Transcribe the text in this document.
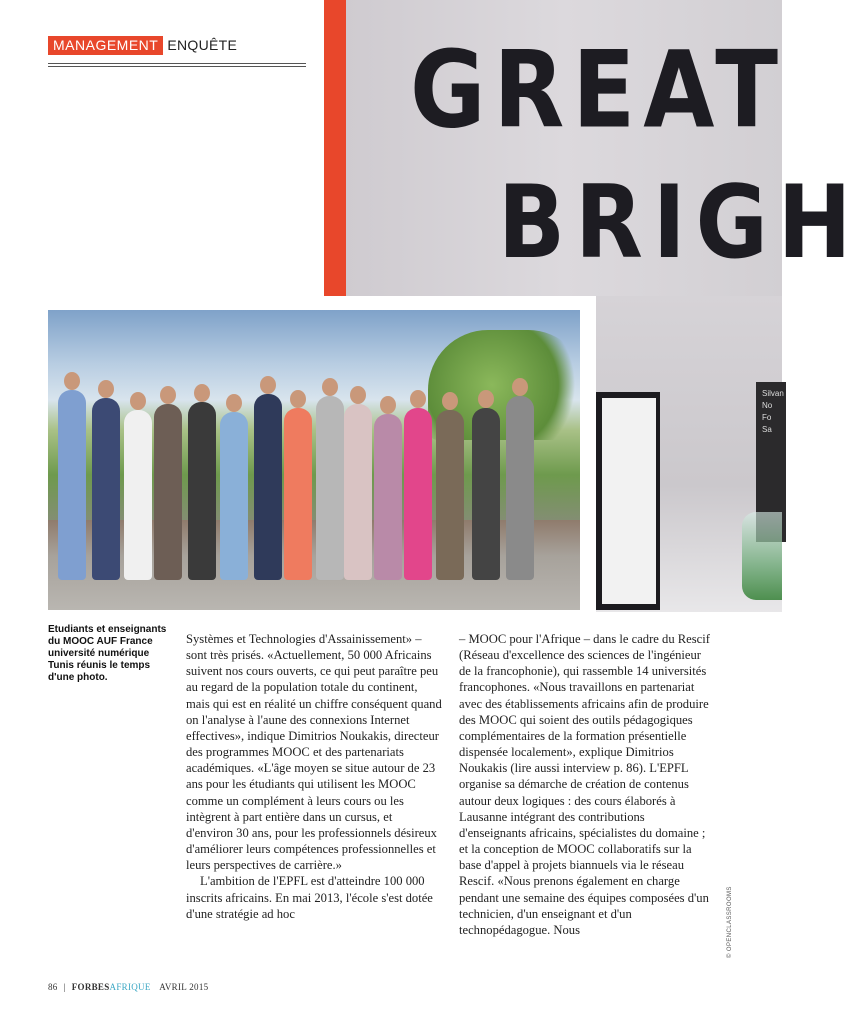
MANAGEMENT ENQUÊTE	GREAT
BRIGH
Silvan
No
Fo
Sa
Etudiants et enseignants du MOOC AUF France université numérique Tunis réunis le temps d'une photo.

Systèmes et Technologies d'Assainissement» – sont très prisés. «Actuellement, 50 000 Africains suivent nos cours ouverts, ce qui peut paraître peu au regard de la population totale du continent, mais qui est en réalité un chiffre conséquent quand on l'analyse à l'aune des connexions Internet effectives», indique Dimitrios Noukakis, directeur des programmes MOOC et des partenariats académiques. «L'âge moyen se situe autour de 23 ans pour les étudiants qui utilisent les MOOC comme un complément à leurs cours ou les intègrent à part entière dans un cursus, et d'environ 30 ans, pour les professionnels désireux d'améliorer leurs compétences professionnelles et leurs perspectives de carrière.»

L'ambition de l'EPFL est d'atteindre 100 000 inscrits africains. En mai 2013, l'école s'est dotée d'une stratégie ad hoc

– MOOC pour l'Afrique – dans le cadre du Rescif (Réseau d'excellence des sciences de l'ingénieur de la francophonie), qui rassemble 14 universités francophones. «Nous travaillons en partenariat avec des établissements africains afin de produire des MOOC qui soient des outils pédagogiques complémentaires de la formation présentielle dispensée localement», explique Dimitrios Noukakis (lire aussi interview p. 86). L'EPFL organise sa démarche de création de contenus autour deux logiques : des cours élaborés à Lausanne intégrant des contributions d'enseignants africains, spécialistes du domaine ; et la conception de MOOC collaboratifs sur la base d'appel à projets biannuels via le réseau Rescif. «Nous prenons également en charge pendant une semaine des équipes composées d'un technicien, d'un enseignant et d'un technopédagogue. Nous	© OPENCLASSROOMS
86 | FORBESAFRIQUE AVRIL 2015
